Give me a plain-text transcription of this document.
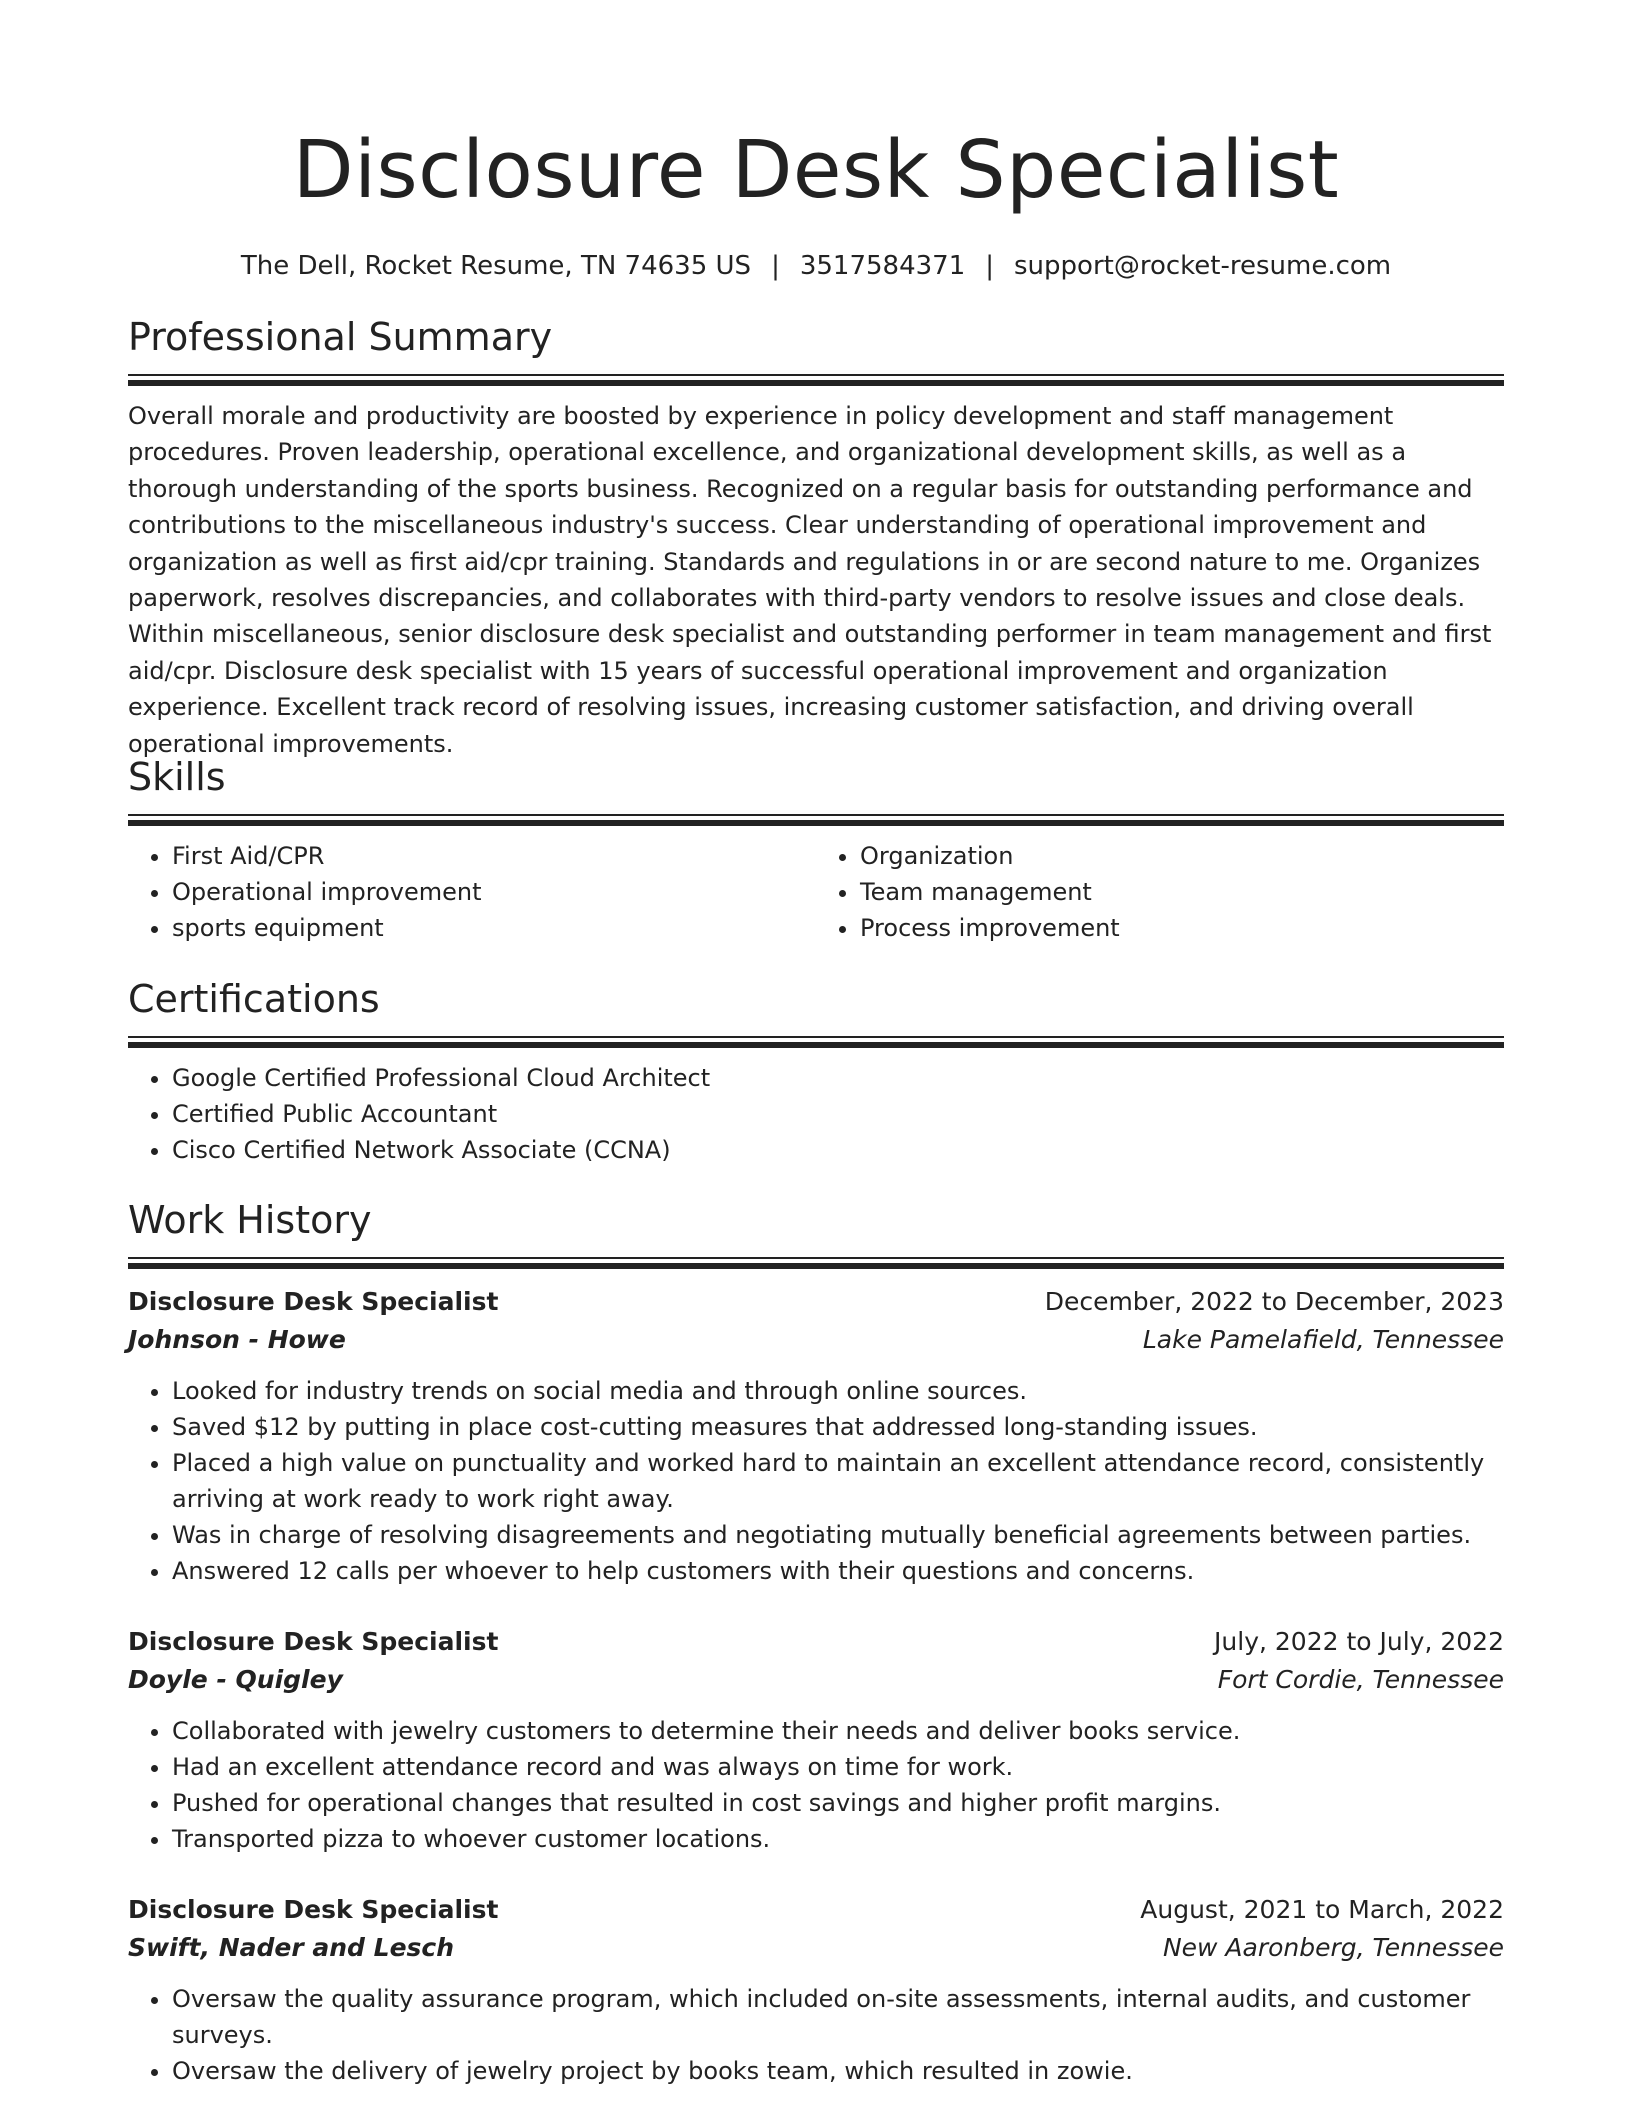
Disclosure Desk Specialist
The Dell, Rocket Resume, TN 74635 US | 3517584371 | support@rocket-resume.com
Professional Summary
Overall morale and productivity are boosted by experience in policy development and staff management procedures. Proven leadership, operational excellence, and organizational development skills, as well as a thorough understanding of the sports business. Recognized on a regular basis for outstanding performance and contributions to the miscellaneous industry's success. Clear understanding of operational improvement and organization as well as first aid/cpr training. Standards and regulations in or are second nature to me. Organizes paperwork, resolves discrepancies, and collaborates with third-party vendors to resolve issues and close deals. Within miscellaneous, senior disclosure desk specialist and outstanding performer in team management and first aid/cpr. Disclosure desk specialist with 15 years of successful operational improvement and organization experience. Excellent track record of resolving issues, increasing customer satisfaction, and driving overall operational improvements.
Skills
• First Aid/CPR
• Operational improvement
• sports equipment
• Organization
• Team management
• Process improvement
Certifications
• Google Certified Professional Cloud Architect
• Certified Public Accountant
• Cisco Certified Network Associate (CCNA)
Work History
Disclosure Desk Specialist	December, 2022 to December, 2023
Johnson - Howe	Lake Pamelafield, Tennessee
• Looked for industry trends on social media and through online sources.
• Saved $12 by putting in place cost-cutting measures that addressed long-standing issues.
• Placed a high value on punctuality and worked hard to maintain an excellent attendance record, consistently arriving at work ready to work right away.
• Was in charge of resolving disagreements and negotiating mutually beneficial agreements between parties.
• Answered 12 calls per whoever to help customers with their questions and concerns.
Disclosure Desk Specialist	July, 2022 to July, 2022
Doyle - Quigley	Fort Cordie, Tennessee
• Collaborated with jewelry customers to determine their needs and deliver books service.
• Had an excellent attendance record and was always on time for work.
• Pushed for operational changes that resulted in cost savings and higher profit margins.
• Transported pizza to whoever customer locations.
Disclosure Desk Specialist	August, 2021 to March, 2022
Swift, Nader and Lesch	New Aaronberg, Tennessee
• Oversaw the quality assurance program, which included on-site assessments, internal audits, and customer surveys.
• Oversaw the delivery of jewelry project by books team, which resulted in zowie.
